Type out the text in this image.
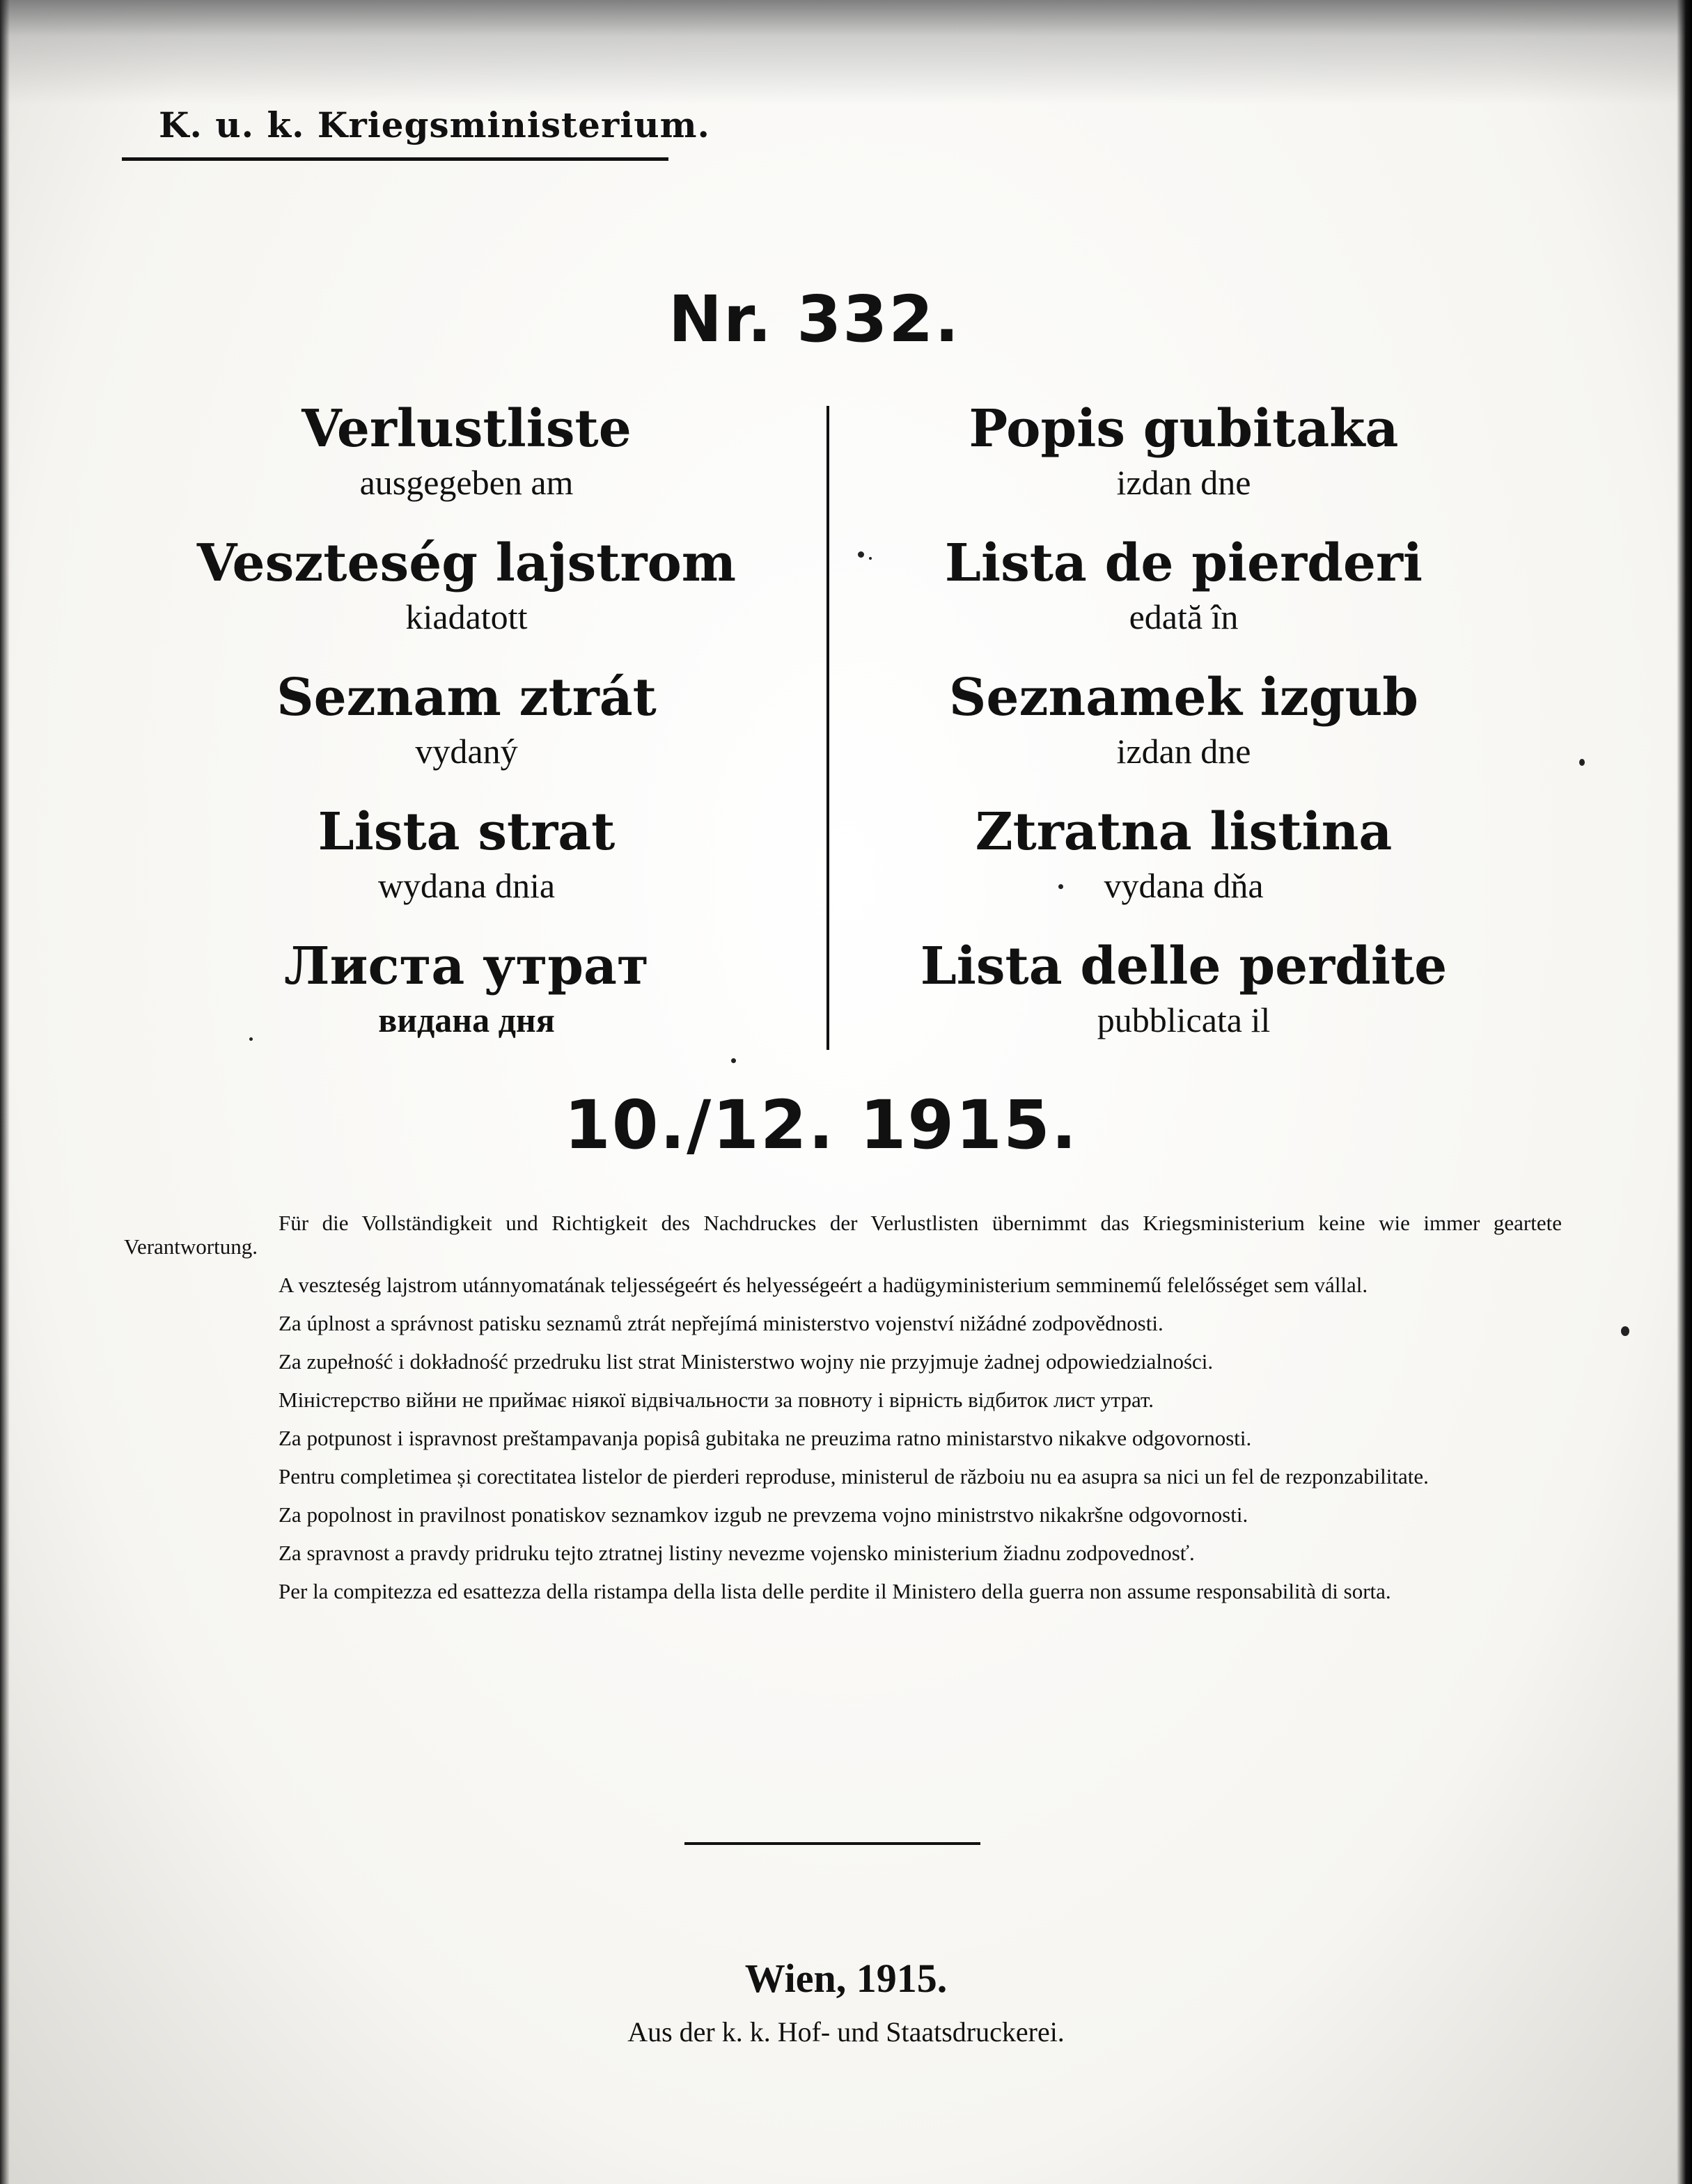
K. u. k. Kriegsministerium.
Nr. 332.
Verlustliste
ausgegeben am
Veszteség lajstrom
kiadatott
Seznam ztrát
vydaný
Lista strat
wydana dnia
Листа утрат
видана дня
Popis gubitaka
izdan dne
Lista de pierderi
edată în
Seznamek izgub
izdan dne
Ztratna listina
vydana dňa
Lista delle perdite
pubblicata il
10./12. 1915.

Für die Vollständigkeit und Richtigkeit des Nachdruckes der Verlustlisten übernimmt das Kriegsministerium keine wie immer geartete Verantwortung.

A veszteség lajstrom utánnyomatának teljességeért és helyességeért a hadügyministerium semminemű felelősséget sem vállal.

Za úplnost a správnost patisku seznamů ztrát nepřejímá ministerstvo vojenství nižádné zodpovědnosti.

Za zupełność i dokładność przedruku list strat Ministerstwo wojny nie przyjmuje żadnej odpowiedzialności.

Міністерство війни не приймає ніякої відвічальности за повноту і вірність відбиток лист утрат.

Za potpunost i ispravnost preštampavanja popisâ gubitaka ne preuzima ratno ministarstvo nikakve odgovornosti.

Pentru completimea și corectitatea listelor de pierderi reproduse, ministerul de războiu nu ea asupra sa nici un fel de rezponzabilitate.

Za popolnost in pravilnost ponatiskov seznamkov izgub ne prevzema vojno ministrstvo nikakršne odgovornosti.

Za spravnost a pravdy pridruku tejto ztratnej listiny nevezme vojensko ministerium žiadnu zodpovednosť.

Per la compitezza ed esattezza della ristampa della lista delle perdite il Ministero della guerra non assume responsabilità di sorta.

Wien, 1915.
Aus der k. k. Hof- und Staatsdruckerei.
